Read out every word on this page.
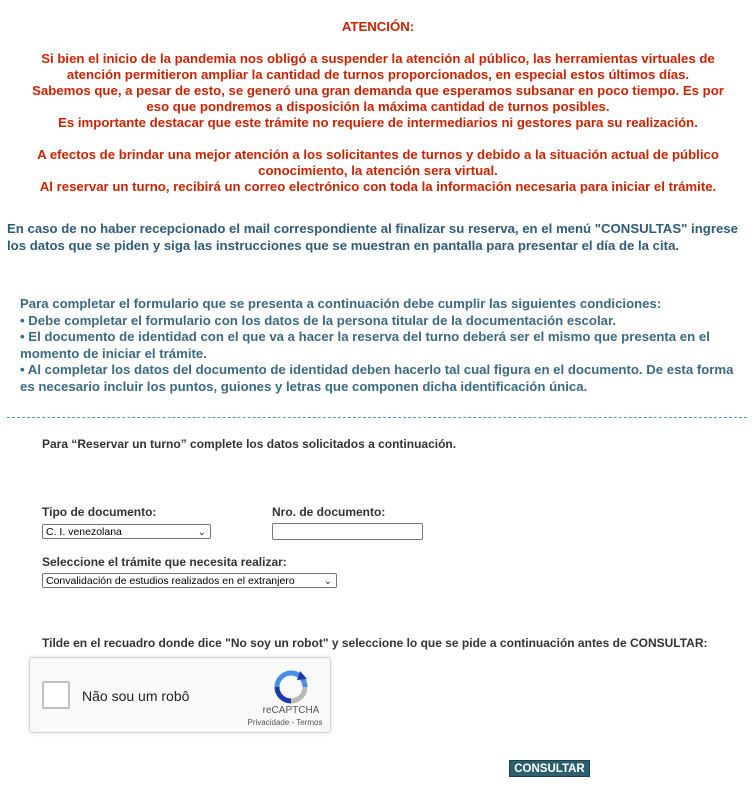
ATENCIÓN:

Si bien el inicio de la pandemia nos obligó a suspender la atención al público, las herramientas virtuales de

atención permitieron ampliar la cantidad de turnos proporcionados, en especial estos últimos días.

Sabemos que, a pesar de esto, se generó una gran demanda que esperamos subsanar en poco tiempo. Es por

eso que pondremos a disposición la máxima cantidad de turnos posibles.

Es importante destacar que este trámite no requiere de intermediarios ni gestores para su realización.

A efectos de brindar una mejor atención a los solicitantes de turnos y debido a la situación actual de público

conocimiento, la atención sera virtual.

Al reservar un turno, recibirá un correo electrónico con toda la información necesaria para iniciar el trámite.

En caso de no haber recepcionado el mail correspondiente al finalizar su reserva, en el menú "CONSULTAS" ingrese los datos que se piden y siga las instrucciones que se muestran en pantalla para presentar el día de la cita.

Para completar el formulario que se presenta a continuación debe cumplir las siguientes condiciones:

• Debe completar el formulario con los datos de la persona titular de la documentación escolar.

• El documento de identidad con el que va a hacer la reserva del turno deberá ser el mismo que presenta en el momento de iniciar el trámite.

• Al completar los datos del documento de identidad deben hacerlo tal cual figura en el documento. De esta forma es necesario incluir los puntos, guiones y letras que componen dicha identificación única.

Para “Reservar un turno” complete los datos solicitados a continuación.
Tipo de documento:
C. I. venezolana	⌄
Nro. de documento:
Seleccione el trámite que necesita realizar:
Convalidación de estudios realizados en el extranjero	⌄
Tilde en el recuadro donde dice "No soy un robot" y seleccione lo que se pide a continuación antes de CONSULTAR:
Não sou um robô
reCAPTCHA
Privacidade - Termos
CONSULTAR
